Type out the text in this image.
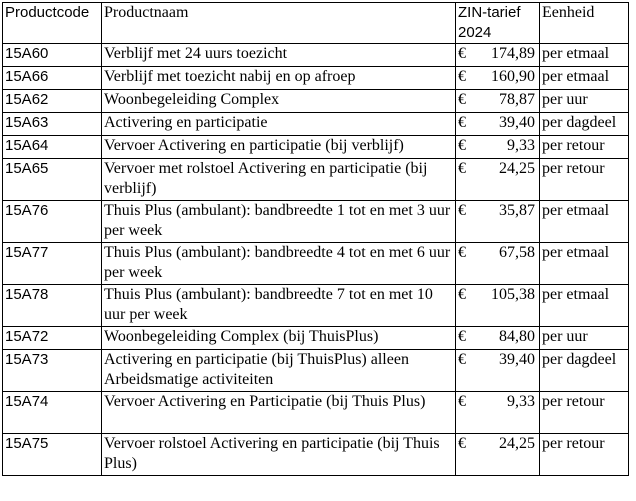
Productcode	Productnaam	ZIN-tarief 2024	Eenheid
15A60	Verblijf met 24 uurs toezicht	€ 174,89	per etmaal
15A66	Verblijf met toezicht nabij en op afroep	€ 160,90	per etmaal
15A62	Woonbegeleiding Complex	€ 78,87	per uur
15A63	Activering en participatie	€ 39,40	per dagdeel
15A64	Vervoer Activering en participatie (bij verblijf)	€ 9,33	per retour
15A65	Vervoer met rolstoel Activering en participatie (bij verblijf)	€ 24,25	per retour
15A76	Thuis Plus (ambulant): bandbreedte 1 tot en met 3 uur per week	€ 35,87	per etmaal
15A77	Thuis Plus (ambulant): bandbreedte 4 tot en met 6 uur per week	€ 67,58	per etmaal
15A78	Thuis Plus (ambulant): bandbreedte 7 tot en met 10 uur per week	€ 105,38	per etmaal
15A72	Woonbegeleiding Complex (bij ThuisPlus)	€ 84,80	per uur
15A73	Activering en participatie (bij ThuisPlus) alleen Arbeidsmatige activiteiten	€ 39,40	per dagdeel
15A74	Vervoer Activering en Participatie (bij Thuis Plus)	€ 9,33	per retour
15A75	Vervoer rolstoel Activering en participatie (bij Thuis Plus)	€ 24,25	per retour
